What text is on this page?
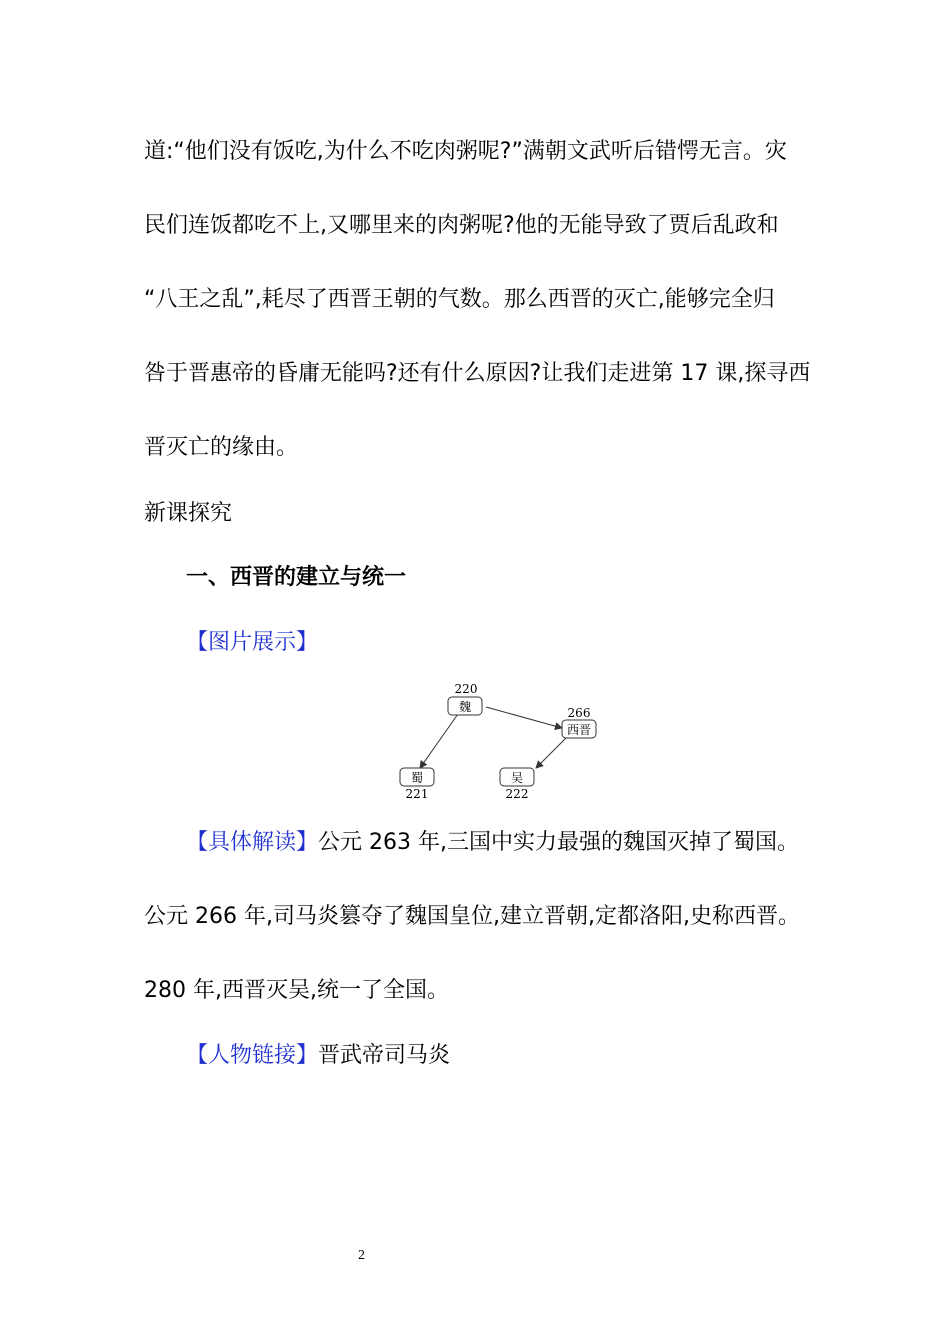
道:“他们没有饭吃,为什么不吃肉粥呢?”满朝文武听后错愕无言。灾
民们连饭都吃不上,又哪里来的肉粥呢?他的无能导致了贾后乱政和
“八王之乱”,耗尽了西晋王朝的气数。那么西晋的灭亡,能够完全归
咎于晋惠帝的昏庸无能吗?还有什么原因?让我们走进第 17 课,探寻西
晋灭亡的缘由。
新课探究
一、西晋的建立与统一
【图片展示】
220
魏	266
西晋
蜀
221
吴
222
【具体解读】公元 263 年,三国中实力最强的魏国灭掉了蜀国。
公元 266 年,司马炎篡夺了魏国皇位,建立晋朝,定都洛阳,史称西晋。
280 年,西晋灭吴,统一了全国。
【人物链接】晋武帝司马炎
2
